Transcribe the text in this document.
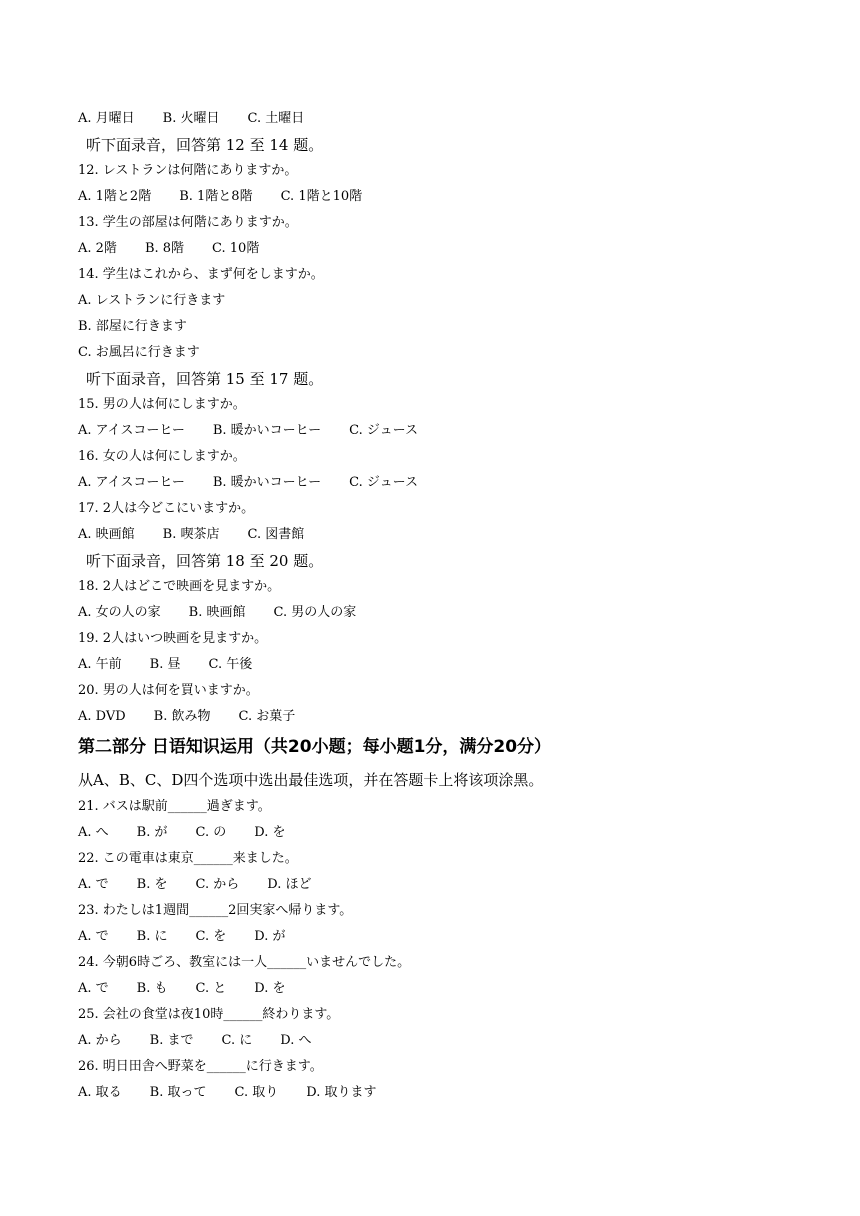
A. 月曜日 B. 火曜日 C. 土曜日
听下面录音，回答第 12 至 14 题。
12. レストランは何階にありますか。
A. 1階と2階 B. 1階と8階 C. 1階と10階
13. 学生の部屋は何階にありますか。
A. 2階 B. 8階 C. 10階
14. 学生はこれから、まず何をしますか。
A. レストランに行きます
B. 部屋に行きます
C. お風呂に行きます
听下面录音，回答第 15 至 17 题。
15. 男の人は何にしますか。
A. アイスコーヒー B. 暖かいコーヒー C. ジュース
16. 女の人は何にしますか。
A. アイスコーヒー B. 暖かいコーヒー C. ジュース
17. 2人は今どこにいますか。
A. 映画館 B. 喫茶店 C. 図書館
听下面录音，回答第 18 至 20 题。
18. 2人はどこで映画を見ますか。
A. 女の人の家 B. 映画館 C. 男の人の家
19. 2人はいつ映画を見ますか。
A. 午前 B. 昼 C. 午後
20. 男の人は何を買いますか。
A. DVD B. 飲み物 C. お菓子
第二部分 日语知识运用（共20小题；每小题1分，满分20分）
从A、B、C、D四个选项中选出最佳选项，并在答题卡上将该项涂黑。
21. バスは駅前______過ぎます。
A. へ B. が C. の D. を
22. この電車は東京______来ました。
A. で B. を C. から D. ほど
23. わたしは1週間______2回実家へ帰ります。
A. で B. に C. を D. が
24. 今朝6時ごろ、教室には一人______いませんでした。
A. で B. も C. と D. を
25. 会社の食堂は夜10時______終わります。
A. から B. まで C. に D. へ
26. 明日田舎へ野菜を______に行きます。
A. 取る B. 取って C. 取り D. 取ります
